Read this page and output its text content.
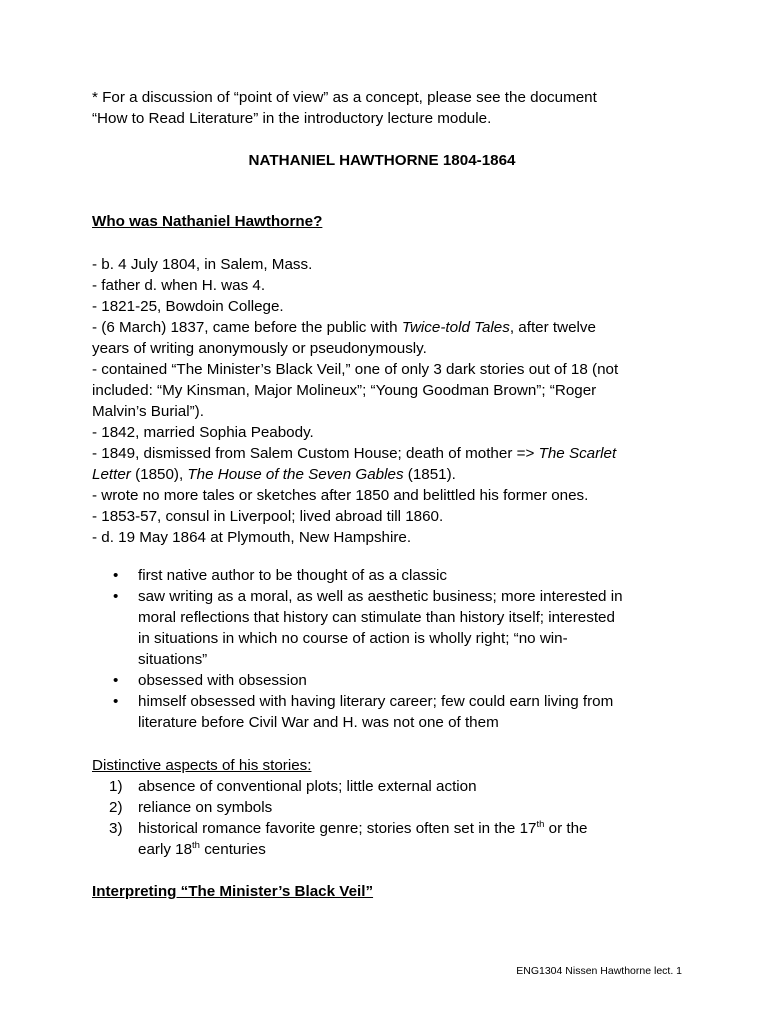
* For a discussion of “point of view” as a concept, please see the document

“How to Read Literature” in the introductory lecture module.

NATHANIEL HAWTHORNE 1804-1864

Who was Nathaniel Hawthorne?

- b. 4 July 1804, in Salem, Mass.

- father d. when H. was 4.

- 1821-25, Bowdoin College.

- (6 March) 1837, came before the public with Twice-told Tales, after twelve

years of writing anonymously or pseudonymously.

- contained “The Minister’s Black Veil,” one of only 3 dark stories out of 18 (not

included: “My Kinsman, Major Molineux”; “Young Goodman Brown”; “Roger

Malvin’s Burial”).

- 1842, married Sophia Peabody.

- 1849, dismissed from Salem Custom House; death of mother => The Scarlet

Letter (1850), The House of the Seven Gables (1851).

- wrote no more tales or sketches after 1850 and belittled his former ones.

- 1853-57, consul in Liverpool; lived abroad till 1860.

- d. 19 May 1864 at Plymouth, New Hampshire.

• first native author to be thought of as a classic
• saw writing as a moral, as well as aesthetic business; more interested in
moral reflections that history can stimulate than history itself; interested
in situations in which no course of action is wholly right; “no win-
situations”
• obsessed with obsession
• himself obsessed with having literary career; few could earn living from
literature before Civil War and H. was not one of them

Distinctive aspects of his stories:

1) absence of conventional plots; little external action
2) reliance on symbols
3) historical romance favorite genre; stories often set in the 17th or the
early 18th centuries

Interpreting “The Minister’s Black Veil”

ENG1304 Nissen Hawthorne lect. 1
